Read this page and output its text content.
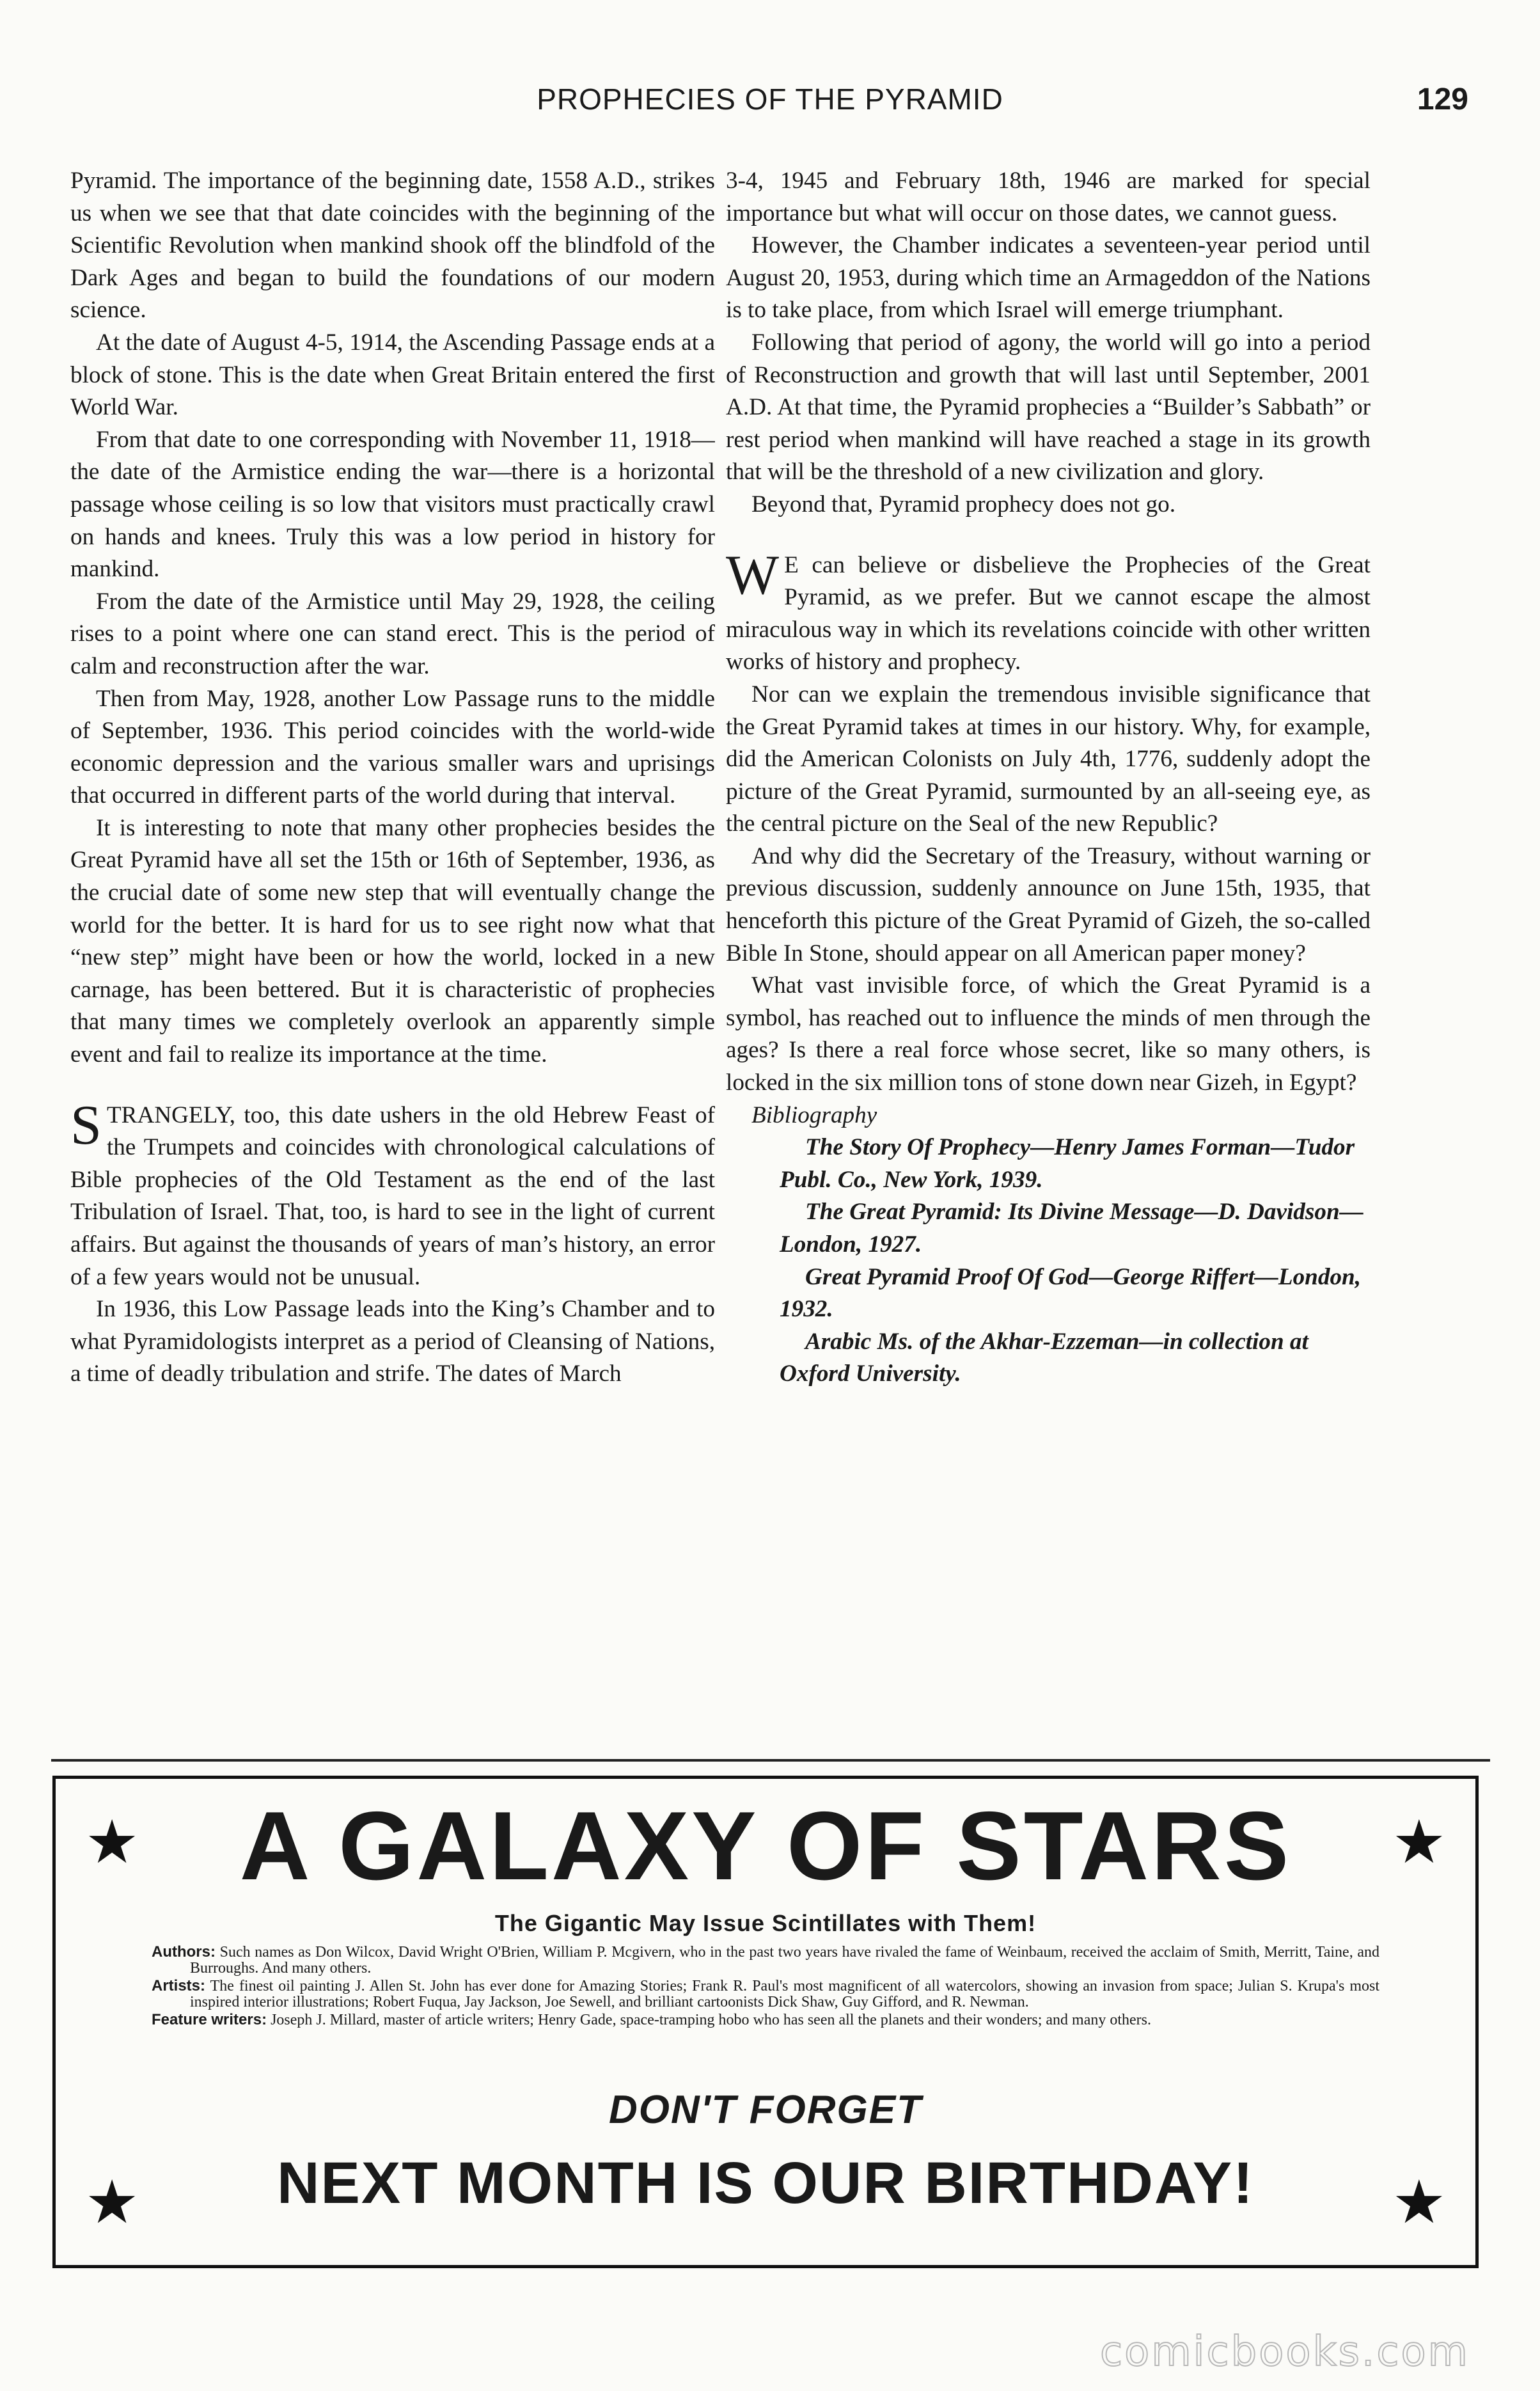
PROPHECIES OF THE PYRAMID	129

Pyramid. The importance of the beginning date, 1558 A.D., strikes us when we see that that date coincides with the beginning of the Scientific Revolution when mankind shook off the blindfold of the Dark Ages and began to build the foundations of our modern science.

At the date of August 4-5, 1914, the Ascending Passage ends at a block of stone. This is the date when Great Britain entered the first World War.

From that date to one corresponding with November 11, 1918—the date of the Armistice ending the war—there is a horizontal passage whose ceiling is so low that visitors must practically crawl on hands and knees. Truly this was a low period in history for mankind.

From the date of the Armistice until May 29, 1928, the ceiling rises to a point where one can stand erect. This is the period of calm and reconstruction after the war.

Then from May, 1928, another Low Passage runs to the middle of September, 1936. This period coincides with the world-wide economic depression and the various smaller wars and uprisings that occurred in different parts of the world during that interval.

It is interesting to note that many other prophecies besides the Great Pyramid have all set the 15th or 16th of September, 1936, as the crucial date of some new step that will eventually change the world for the better. It is hard for us to see right now what that “new step” might have been or how the world, locked in a new carnage, has been bettered. But it is characteristic of prophecies that many times we completely overlook an apparently simple event and fail to realize its importance at the time.

STRANGELY, too, this date ushers in the old Hebrew Feast of the Trumpets and coincides with chronological calculations of Bible prophecies of the Old Testament as the end of the last Tribulation of Israel. That, too, is hard to see in the light of current affairs. But against the thousands of years of man’s history, an error of a few years would not be unusual.

In 1936, this Low Passage leads into the King’s Chamber and to what Pyramidologists interpret as a period of Cleansing of Nations, a time of deadly tribulation and strife. The dates of March

3-4, 1945 and February 18th, 1946 are marked for special importance but what will occur on those dates, we cannot guess.

However, the Chamber indicates a seventeen-year period until August 20, 1953, during which time an Armageddon of the Nations is to take place, from which Israel will emerge triumphant.

Following that period of agony, the world will go into a period of Reconstruction and growth that will last until September, 2001 A.D. At that time, the Pyramid prophecies a “Builder’s Sabbath” or rest period when mankind will have reached a stage in its growth that will be the threshold of a new civilization and glory.

Beyond that, Pyramid prophecy does not go.

W E can believe or disbelieve the Prophecies of the Great Pyramid, as we prefer. But we cannot escape the almost miraculous way in which its revelations coincide with other written works of history and prophecy.

Nor can we explain the tremendous invisible significance that the Great Pyramid takes at times in our history. Why, for example, did the American Colonists on July 4th, 1776, suddenly adopt the picture of the Great Pyramid, surmounted by an all-seeing eye, as the central picture on the Seal of the new Republic?

And why did the Secretary of the Treasury, without warning or previous discussion, suddenly announce on June 15th, 1935, that henceforth this picture of the Great Pyramid of Gizeh, the so-called Bible In Stone, should appear on all American paper money?

What vast invisible force, of which the Great Pyramid is a symbol, has reached out to influence the minds of men through the ages? Is there a real force whose secret, like so many others, is locked in the six million tons of stone down near Gizeh, in Egypt?

Bibliography

The Story Of Prophecy—Henry James Forman—Tudor Publ. Co., New York, 1939.

The Great Pyramid: Its Divine Message—D. Davidson—London, 1927.

Great Pyramid Proof Of God—George Riffert—London, 1932.

Arabic Ms. of the Akhar-Ezzeman—in collection at Oxford University.

★	★
A GALAXY OF STARS
The Gigantic May Issue Scintillates with Them!

Authors: Such names as Don Wilcox, David Wright O'Brien, William P. Mcgivern, who in the past two years have rivaled the fame of Weinbaum, received the acclaim of Smith, Merritt, Taine, and Burroughs. And many others.

Artists: The finest oil painting J. Allen St. John has ever done for Amazing Stories; Frank R. Paul's most magnificent of all watercolors, showing an invasion from space; Julian S. Krupa's most inspired interior illustrations; Robert Fuqua, Jay Jackson, Joe Sewell, and brilliant cartoonists Dick Shaw, Guy Gifford, and R. Newman.

Feature writers: Joseph J. Millard, master of article writers; Henry Gade, space-tramping hobo who has seen all the planets and their wonders; and many others.

DON'T FORGET
★	NEXT MONTH IS OUR BIRTHDAY!	★
comicbooks.com
